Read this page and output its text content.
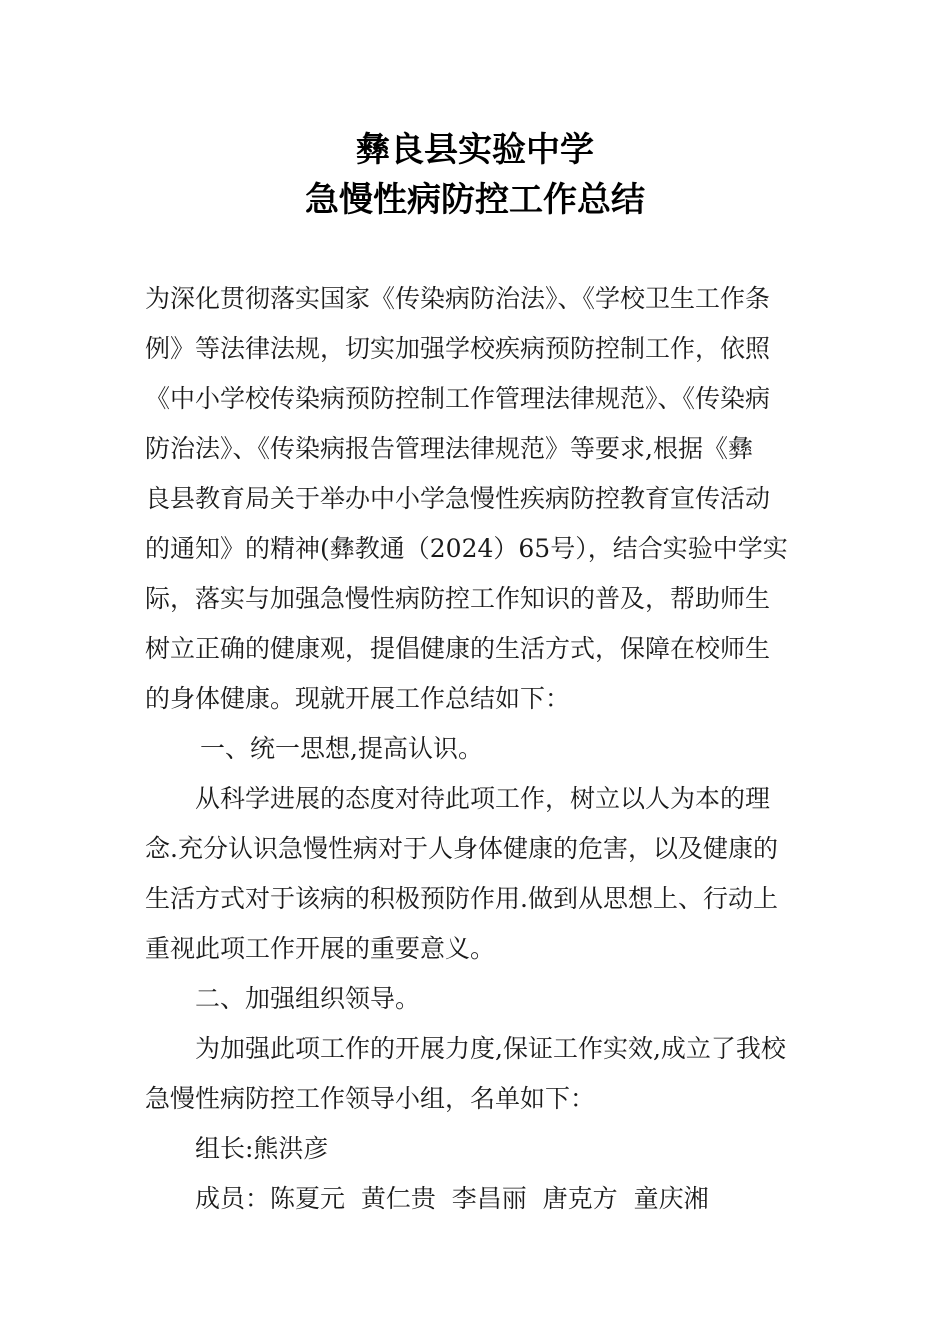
彝良县实验中学
急慢性病防控工作总结
为深化贯彻落实国家《传染病防治法》、《学校卫生工作条
例》等法律法规，切实加强学校疾病预防控制工作，依照
《中小学校传染病预防控制工作管理法律规范》、《传染病
防治法》、《传染病报告管理法律规范》等要求,根据《彝
良县教育局关于举办中小学急慢性疾病防控教育宣传活动
的通知》的精神(彝教通（2024）65号），结合实验中学实
际，落实与加强急慢性病防控工作知识的普及，帮助师生
树立正确的健康观，提倡健康的生活方式，保障在校师生
的身体健康。现就开展工作总结如下：
一、统一思想,提高认识。
从科学进展的态度对待此项工作，树立以人为本的理
念.充分认识急慢性病对于人身体健康的危害，以及健康的
生活方式对于该病的积极预防作用.做到从思想上、行动上
重视此项工作开展的重要意义。
二、加强组织领导。
为加强此项工作的开展力度,保证工作实效,成立了我校
急慢性病防控工作领导小组，名单如下：
组长:熊洪彦
成员：陈夏元  黄仁贵  李昌丽  唐克方  童庆湘
